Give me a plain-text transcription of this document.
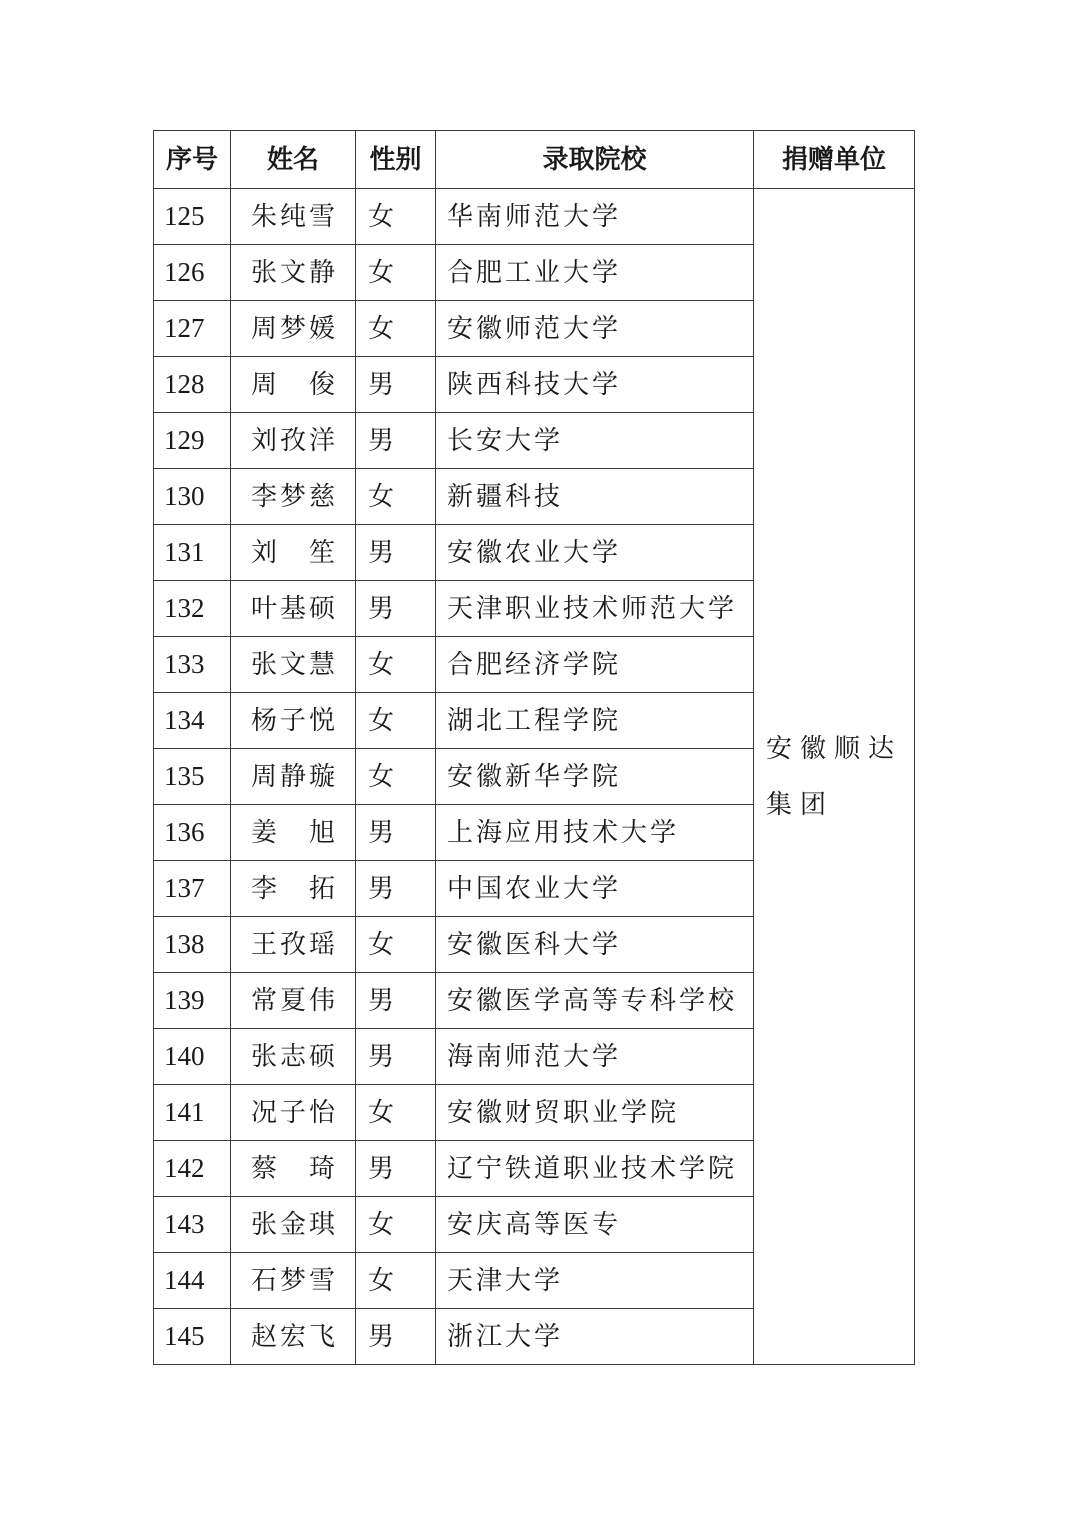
序号	姓名	性别	录取院校	捐赠单位
125	朱纯雪	女	华南师范大学	安徽顺达集团
126	张文静	女	合肥工业大学	
127	周梦媛	女	安徽师范大学	
128	周　俊	男	陕西科技大学	
129	刘孜洋	男	长安大学	
130	李梦慈	女	新疆科技	
131	刘　笙	男	安徽农业大学	
132	叶基硕	男	天津职业技术师范大学	
133	张文慧	女	合肥经济学院	
134	杨子悦	女	湖北工程学院	
135	周静璇	女	安徽新华学院	
136	姜　旭	男	上海应用技术大学	
137	李　拓	男	中国农业大学	
138	王孜瑶	女	安徽医科大学	
139	常夏伟	男	安徽医学高等专科学校	
140	张志硕	男	海南师范大学	
141	况子怡	女	安徽财贸职业学院	
142	蔡　琦	男	辽宁铁道职业技术学院	
143	张金琪	女	安庆高等医专	
144	石梦雪	女	天津大学	
145	赵宏飞	男	浙江大学	
